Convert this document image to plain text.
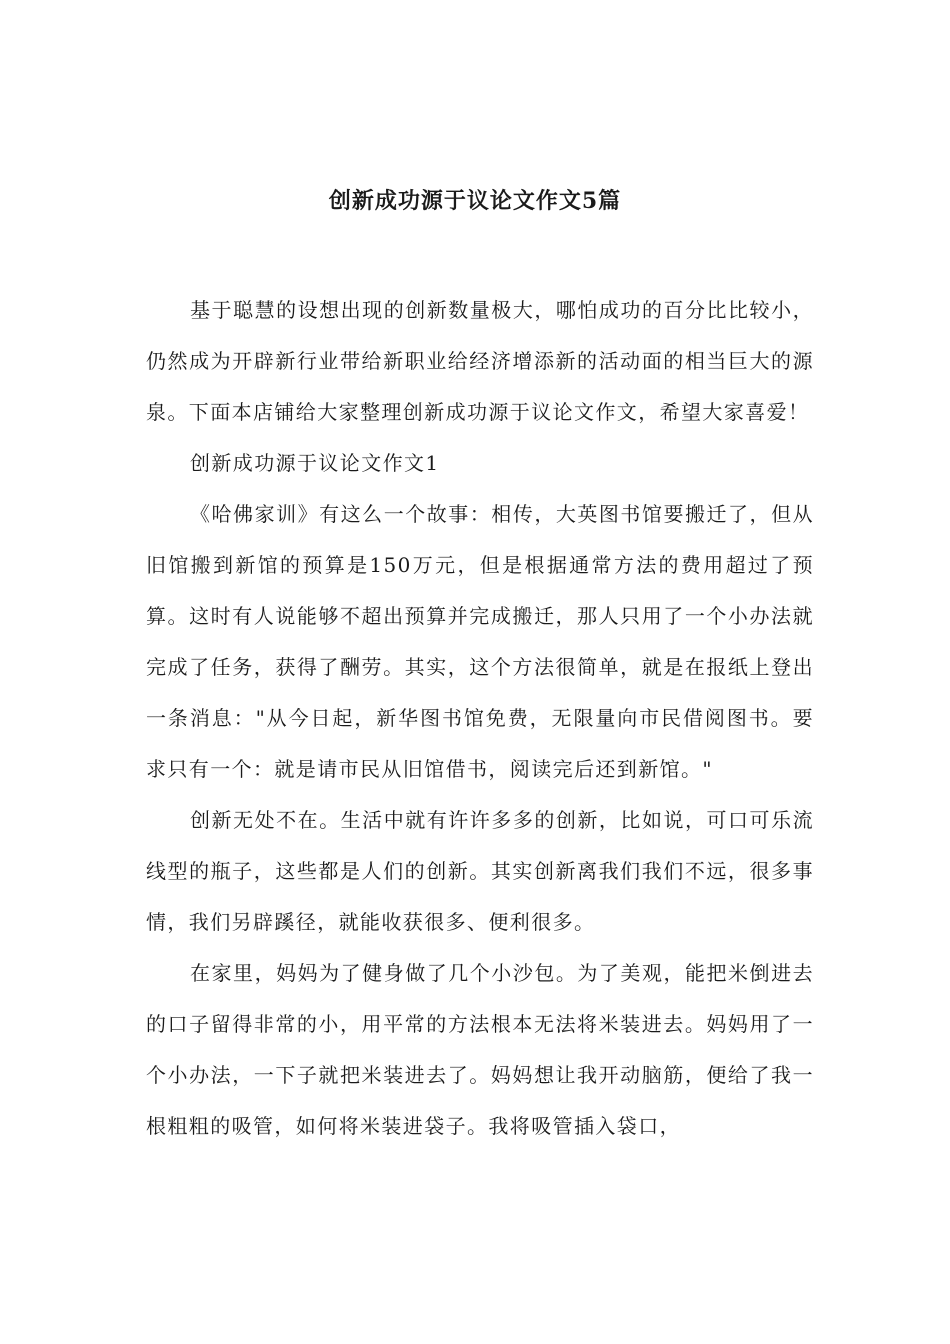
创新成功源于议论文作文5篇

基于聪慧的设想出现的创新数量极大，哪怕成功的百分比比较小，仍然成为开辟新行业带给新职业给经济增添新的活动面的相当巨大的源泉。下面本店铺给大家整理创新成功源于议论文作文，希望大家喜爱！

创新成功源于议论文作文1

《哈佛家训》有这么一个故事：相传，大英图书馆要搬迁了，但从旧馆搬到新馆的预算是150万元，但是根据通常方法的费用超过了预算。这时有人说能够不超出预算并完成搬迁，那人只用了一个小办法就完成了任务，获得了酬劳。其实，这个方法很简单，就是在报纸上登出一条消息："从今日起，新华图书馆免费，无限量向市民借阅图书。要求只有一个：就是请市民从旧馆借书，阅读完后还到新馆。"

创新无处不在。生活中就有许许多多的创新，比如说，可口可乐流线型的瓶子，这些都是人们的创新。其实创新离我们我们不远，很多事情，我们另辟蹊径，就能收获很多、便利很多。

在家里，妈妈为了健身做了几个小沙包。为了美观，能把米倒进去的口子留得非常的小，用平常的方法根本无法将米装进去。妈妈用了一个小办法，一下子就把米装进去了。妈妈想让我开动脑筋，便给了我一根粗粗的吸管，如何将米装进袋子。我将吸管插入袋口，
